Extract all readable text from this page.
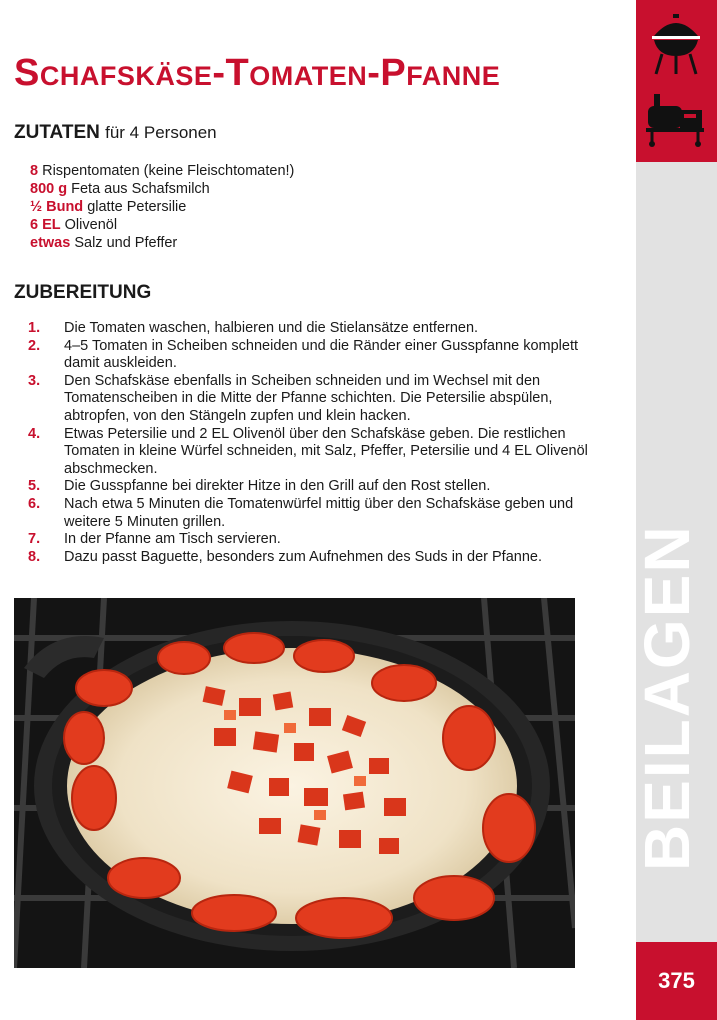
Schafskäse-Tomaten-Pfanne
ZUTATEN für 4 Personen
8 Rispentomaten (keine Fleischtomaten!)
800 g Feta aus Schafsmilch
½ Bund glatte Petersilie
6 EL Olivenöl
etwas Salz und Pfeffer
ZUBEREITUNG
1.	Die Tomaten waschen, halbieren und die Stielansätze entfernen.
2.	4–5 Tomaten in Scheiben schneiden und die Ränder einer Gusspfanne komplett damit auskleiden.
3.	Den Schafskäse ebenfalls in Scheiben schneiden und im Wechsel mit den Tomatenscheiben in die Mitte der Pfanne schichten. Die Petersilie abspülen, abtropfen, von den Stängeln zupfen und klein hacken.
4.	Etwas Petersilie und 2 EL Olivenöl über den Schafskäse geben. Die restlichen Tomaten in kleine Würfel schneiden, mit Salz, Pfeffer, Petersilie und 4 EL Olivenöl abschmecken.
5.	Die Gusspfanne bei direkter Hitze in den Grill auf den Rost stellen.
6.	Nach etwa 5 Minuten die Tomatenwürfel mittig über den Schafskäse geben und weitere 5 Minuten grillen.
7.	In der Pfanne am Tisch servieren.
8.	Dazu passt Baguette, besonders zum Aufnehmen des Suds in der Pfanne.	BEILAGEN
375
